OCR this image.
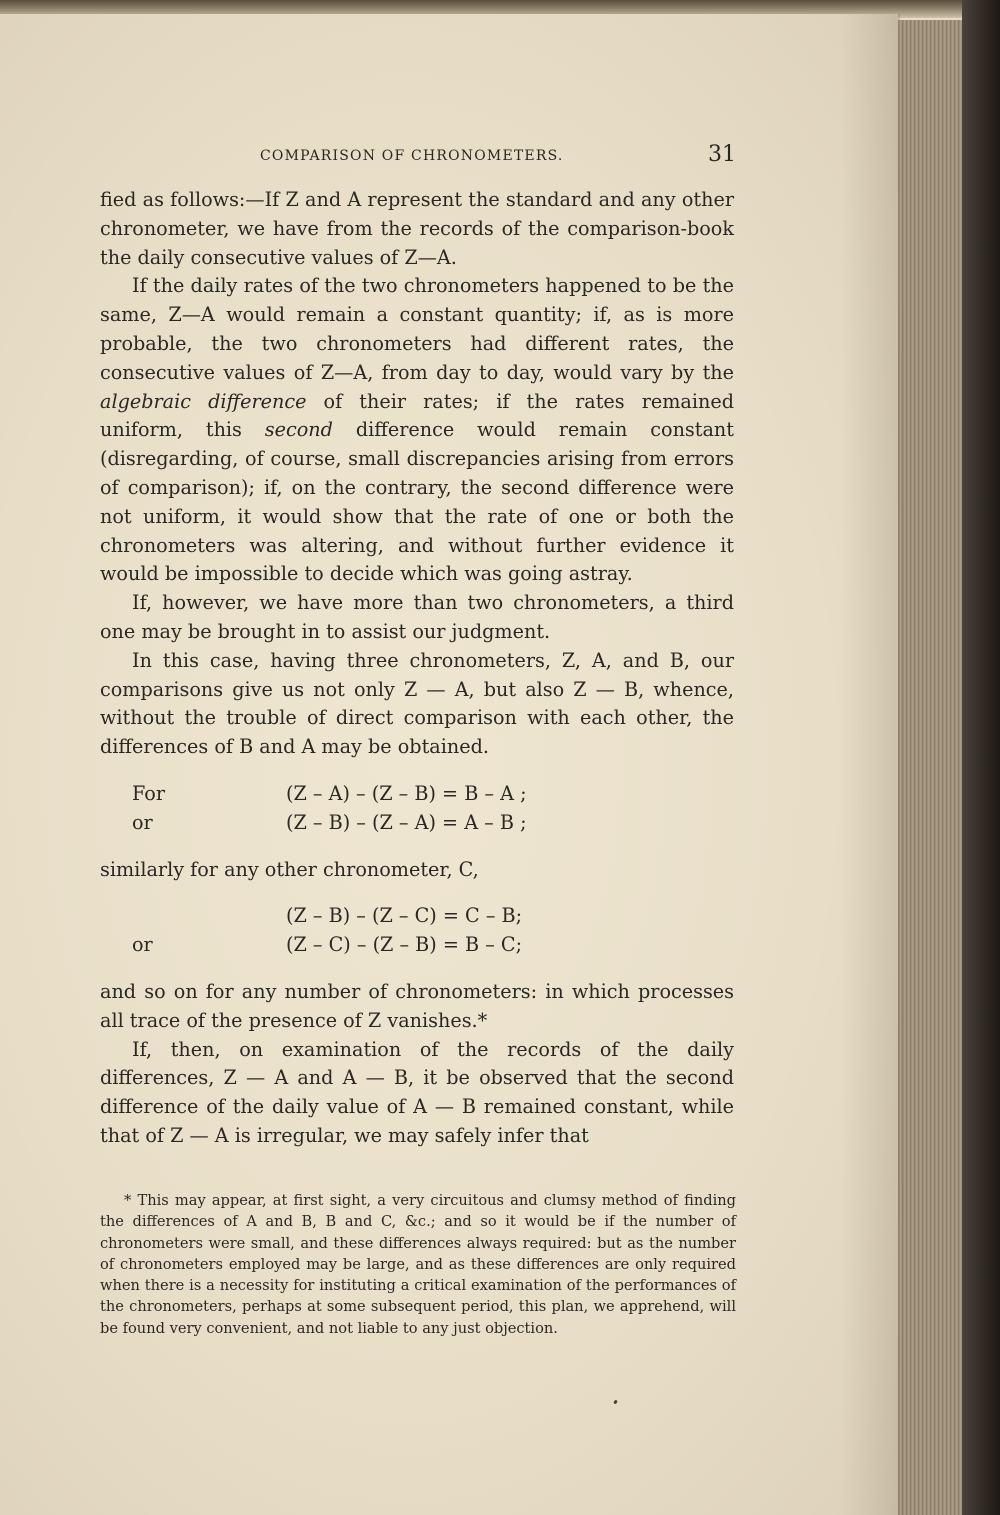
COMPARISON OF CHRONOMETERS.	31

fied as follows:—If Z and A represent the standard and any other chronometer, we have from the records of the comparison-book the daily consecutive values of Z—A.

If the daily rates of the two chronometers happened to be the same, Z—A would remain a constant quantity; if, as is more probable, the two chronometers had different rates, the consecutive values of Z—A, from day to day, would vary by the algebraic difference of their rates; if the rates remained uniform, this second difference would remain constant (disregarding, of course, small discrepancies arising from errors of comparison); if, on the contrary, the second difference were not uniform, it would show that the rate of one or both the chronometers was altering, and without further evidence it would be impossible to decide which was going astray.

If, however, we have more than two chronometers, a third one may be brought in to assist our judgment.

In this case, having three chronometers, Z, A, and B, our comparisons give us not only Z — A, but also Z — B, whence, without the trouble of direct comparison with each other, the differences of B and A may be obtained.

For	(Z – A) – (Z – B) = B – A ;
or	(Z – B) – (Z – A) = A – B ;

similarly for any other chronometer, C,

(Z – B) – (Z – C) = C – B;
or	(Z – C) – (Z – B) = B – C;

and so on for any number of chronometers: in which processes all trace of the presence of Z vanishes.*

If, then, on examination of the records of the daily differences, Z — A and A — B, it be observed that the second difference of the daily value of A — B remained constant, while that of Z — A is irregular, we may safely infer that

* This may appear, at first sight, a very circuitous and clumsy method of finding the differences of A and B, B and C, &c.; and so it would be if the number of chronometers were small, and these differences always required: but as the number of chronometers employed may be large, and as these differences are only required when there is a necessity for instituting a critical examination of the performances of the chronometers, perhaps at some subsequent period, this plan, we apprehend, will be found very convenient, and not liable to any just objection.
